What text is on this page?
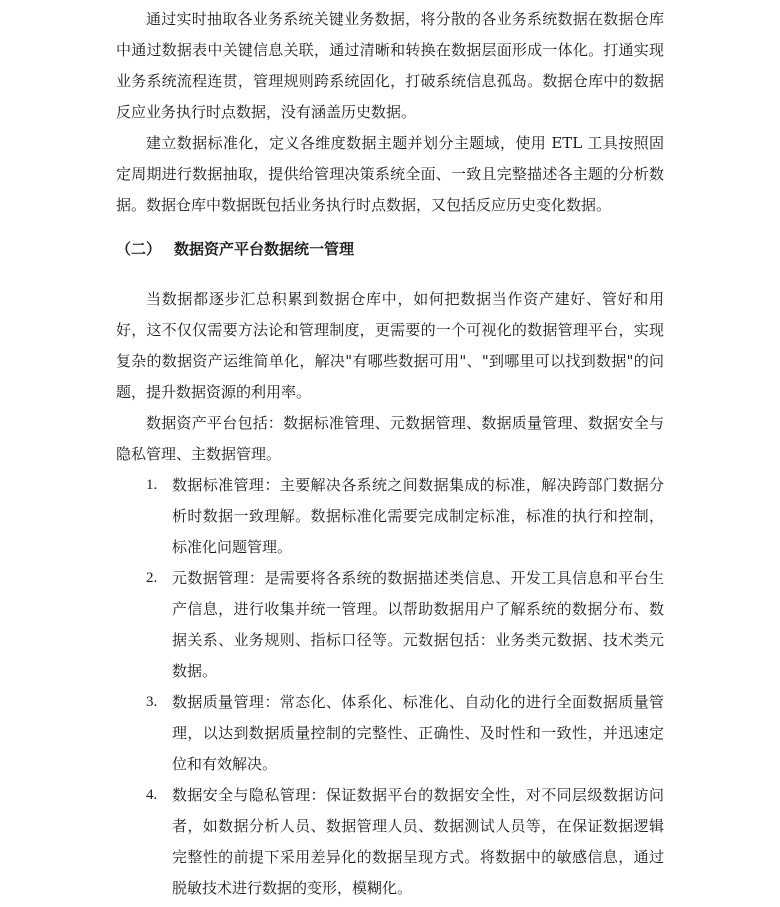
通过实时抽取各业务系统关键业务数据，将分散的各业务系统数据在数据仓库中通过数据表中关键信息关联，通过清晰和转换在数据层面形成一体化。打通实现业务系统流程连贯，管理规则跨系统固化，打破系统信息孤岛。数据仓库中的数据反应业务执行时点数据，没有涵盖历史数据。

建立数据标准化，定义各维度数据主题并划分主题域，使用 ETL 工具按照固定周期进行数据抽取，提供给管理决策系统全面、一致且完整描述各主题的分析数据。数据仓库中数据既包括业务执行时点数据，又包括反应历史变化数据。

（二） 数据资产平台数据统一管理

当数据都逐步汇总积累到数据仓库中，如何把数据当作资产建好、管好和用好，这不仅仅需要方法论和管理制度，更需要的一个可视化的数据管理平台，实现复杂的数据资产运维简单化，解决"有哪些数据可用"、"到哪里可以找到数据"的问题，提升数据资源的利用率。

数据资产平台包括：数据标准管理、元数据管理、数据质量管理、数据安全与隐私管理、主数据管理。

1. 数据标准管理：主要解决各系统之间数据集成的标准，解决跨部门数据分析时数据一致理解。数据标准化需要完成制定标准，标准的执行和控制，标准化问题管理。
2. 元数据管理：是需要将各系统的数据描述类信息、开发工具信息和平台生产信息，进行收集并统一管理。以帮助数据用户了解系统的数据分布、数据关系、业务规则、指标口径等。元数据包括：业务类元数据、技术类元数据。
3. 数据质量管理：常态化、体系化、标准化、自动化的进行全面数据质量管理，以达到数据质量控制的完整性、正确性、及时性和一致性，并迅速定位和有效解决。
4. 数据安全与隐私管理：保证数据平台的数据安全性，对不同层级数据访问者，如数据分析人员、数据管理人员、数据测试人员等，在保证数据逻辑完整性的前提下采用差异化的数据呈现方式。将数据中的敏感信息，通过脱敏技术进行数据的变形，模糊化。
